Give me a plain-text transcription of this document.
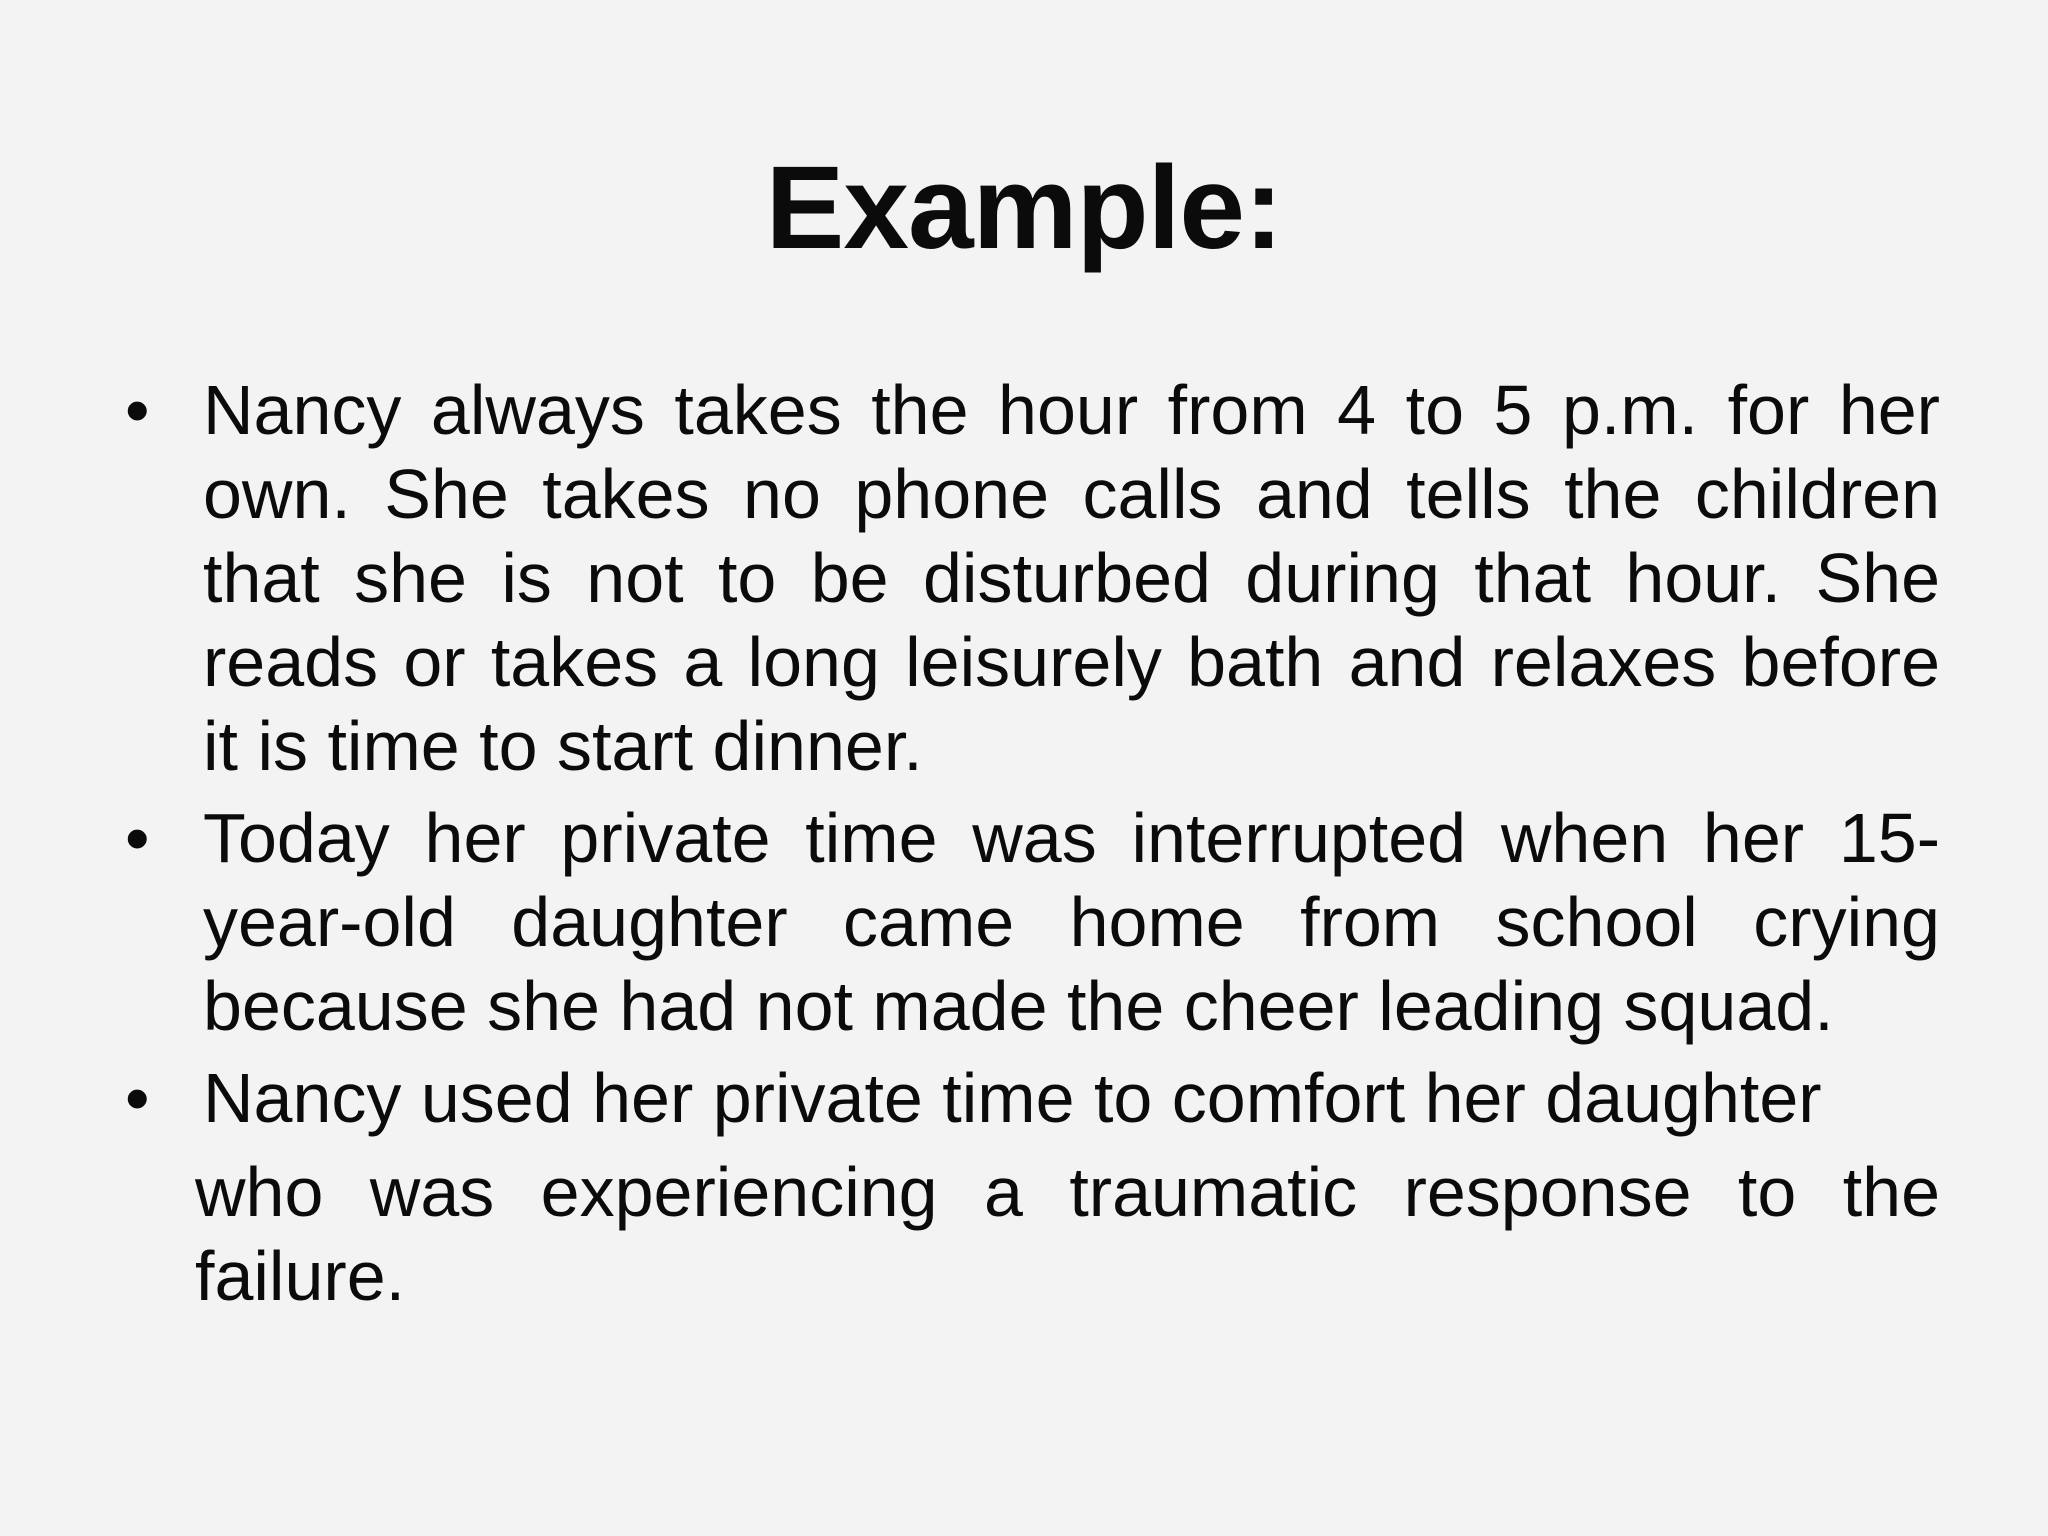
Example:
• Nancy always takes the hour from 4 to 5 p.m. for her own. She takes no phone calls and tells the children that she is not to be disturbed during that hour. She reads or takes a long leisurely bath and relaxes before it is time to start dinner.
• Today her private time was interrupted when her 15-year-old daughter came home from school crying because she had not made the cheer leading squad.
• Nancy used her private time to comfort her daughter
who was experiencing a traumatic response to the failure.
